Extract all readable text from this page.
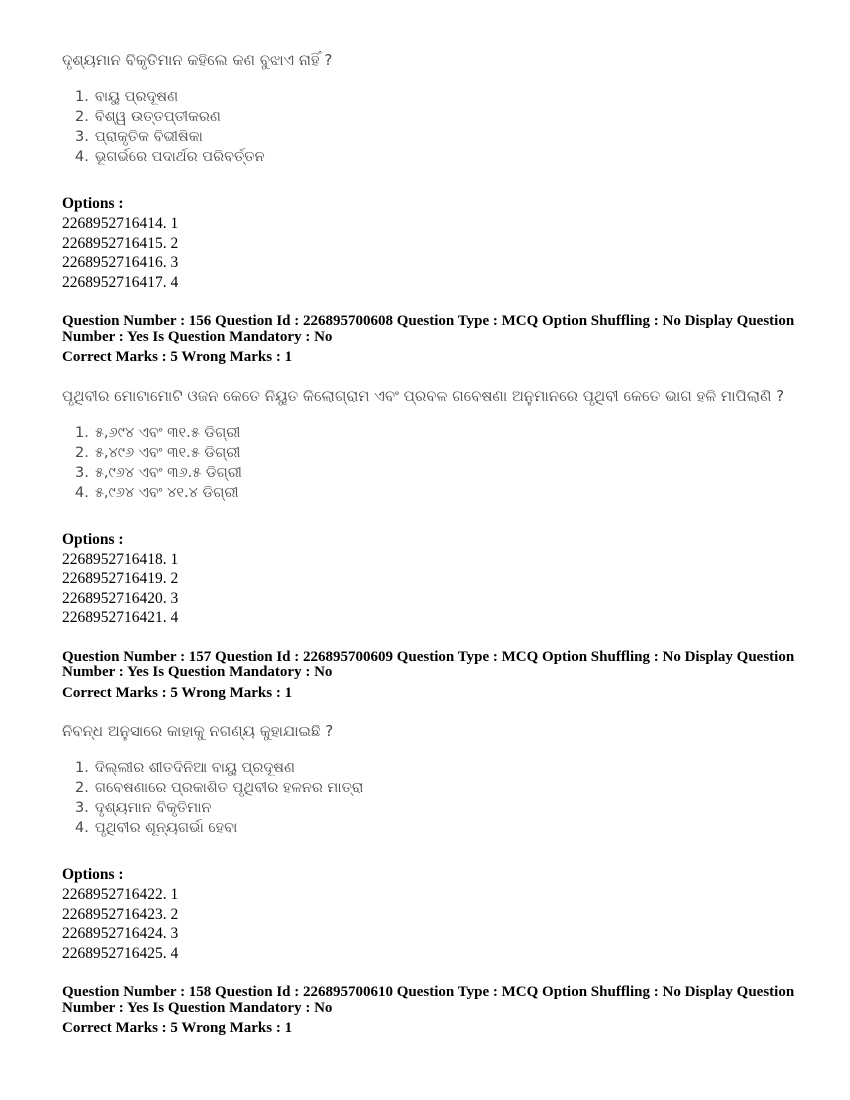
ଦୃଶ୍ୟମାନ ବିକୃତିମାନ କହିଲେ କଣ ବୁଝାଏ ନାହିଁ ?
1. ବାୟୁ ପ୍ରଦୂଷଣ
2. ବିଶ୍ୱ ଉତ୍ତପ୍ତୀକରଣ
3. ପ୍ରାକୃତିକ ବିଭୀଷିକା
4. ଭୂଗର୍ଭରେ ପଦାର୍ଥର ପରିବର୍ତ୍ତନ
Options :
2268952716414. 1
2268952716415. 2
2268952716416. 3
2268952716417. 4
Question Number : 156 Question Id : 226895700608 Question Type : MCQ Option Shuffling : No Display Question Number : Yes Is Question Mandatory : No
Correct Marks : 5 Wrong Marks : 1
ପୃଥିବୀର ମୋଟାମୋଟି ଓଜନ କେତେ ନିୟୁତ କିଲୋଗ୍ରାମ ଏବଂ ପ୍ରବଳ ଗବେଷଣା ଅନୁମାନରେ ପୃଥିବୀ କେତେ ଭାଗ ହଳି ମାପିଲାଣି ?
1. ୫,୬୯୪ ଏବଂ ୩୧.୫ ଡିଗ୍ରୀ
2. ୫,୪୯୬ ଏବଂ ୩୧.୫ ଡିଗ୍ରୀ
3. ୫,୯୬୪ ଏବଂ ୩୬.୫ ଡିଗ୍ରୀ
4. ୫,୯୬୪ ଏବଂ ୪୧.୪ ଡିଗ୍ରୀ
Options :
2268952716418. 1
2268952716419. 2
2268952716420. 3
2268952716421. 4
Question Number : 157 Question Id : 226895700609 Question Type : MCQ Option Shuffling : No Display Question Number : Yes Is Question Mandatory : No
Correct Marks : 5 Wrong Marks : 1
ନିବନ୍ଧ ଅନୁସାରେ କାହାକୁ ନଗଣ୍ୟ କୁହାଯାଇଛି ?
1. ଦିଲ୍ଲୀର ଶୀତଦିନିଆ ବାୟୁ ପ୍ରଦୂଷଣ
2. ଗବେଷଣାରେ ପ୍ରକାଶିତ ପୃଥିବୀର ହଳନର ମାତ୍ରା
3. ଦୃଶ୍ୟମାନ ବିକୃତିମାନ
4. ପୃଥିବୀର ଶୂନ୍ୟଗର୍ଭା ହେବା
Options :
2268952716422. 1
2268952716423. 2
2268952716424. 3
2268952716425. 4
Question Number : 158 Question Id : 226895700610 Question Type : MCQ Option Shuffling : No Display Question Number : Yes Is Question Mandatory : No
Correct Marks : 5 Wrong Marks : 1
